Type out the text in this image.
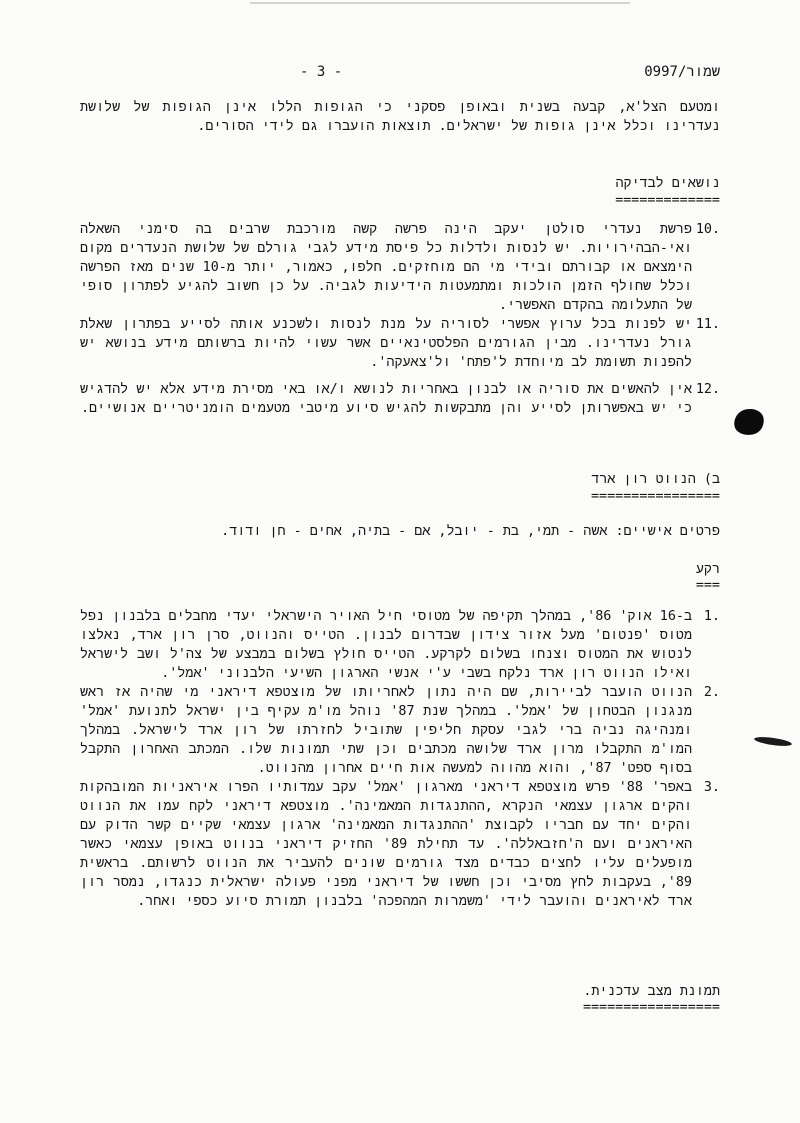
- 3 -	0997/שמור
ומטעם הצל'א, קבעה בשנית ובאופן פסקני כי הגופות הללו אינן הגופות של שלושת נעדרינו וכלל אינן גופות של ישראלים. תוצאות הועברו גם לידי הסורים.
נושאים לבדיקה
=============
10.
פרשת נעדרי סולטן יעקב הינה פרשה קשה מורכבת שרבים בה סימני השאלה ואי-הבהירויות. יש לנסות ולדלות כל פיסת מידע לגבי גורלם של שלושת הנעדרים מקום הימצאם או קבורתם ובידי מי הם מוחזקים. חלפו, כאמור, יותר מ-10 שנים מאז הפרשה וכלל שחולף הזמן הולכות ומתמעטות הידיעות לגביה. על כן חשוב להגיע לפתרון סופי של התעלומה בהקדם האפשרי.
11.
יש לפנות בכל ערוץ אפשרי לסוריה על מנת לנסות ולשכנע אותה לסייע בפתרון שאלת גורל נעדרינו. מבין הגורמים הפלסטינאיים אשר עשוי להיות ברשותם מידע בנושא יש להפנות תשומת לב מיוחדת ל'פתח' ול'צאעקה'.
12.
אין להאשים את סוריה או לבנון באחריות לנושא ו/או באי מסירת מידע אלא יש להדגיש כי יש באפשרותן לסייע והן מתבקשות להגיש סיוע מיטבי מטעמים הומניטריים אנושיים.
ב) הנווט רון ארד
================
פרטים אישיים: אשה - תמי, בת - יובל, אם - בתיה, אחים - חן ודוד.
רקע
===
1.
ב-16 אוק' 86', במהלך תקיפה של מטוסי חיל האויר הישראלי יעדי מחבלים בלבנון נפל מטוס 'פנטום' מעל אזור צידון שבדרום לבנון. הטייס והנווט, סרן רון ארד, נאלצו לנטוש את המטוס וצנחו בשלום לקרקע. הטייס חולץ בשלום במבצע של צה'ל ושב לישראל ואילו הנווט רון ארד נלקח בשבי ע'י אנשי הארגון השיעי הלבנוני 'אמל'.
2.
הנווט הועבר לביירות, שם היה נתון לאחריותו של מוצטפא דיראני מי שהיה אז ראש מנגנון הבטחון של 'אמל'. במהלך שנת 87' נוהל מו'מ עקיף בין ישראל לתנועת 'אמל' ומנהיגה נביה ברי לגבי עסקת חליפין שתוביל לחזרתו של רון ארד לישראל. במהלך המו'מ התקבלו מרון ארד שלושה מכתבים וכן שתי תמונות שלו. המכתב האחרון התקבל בסוף ספט' 87', והוא מהווה למעשה אות חיים אחרון מהנווט.
3.
באפר' 88' פרש מוצטפא דיראני מארגון 'אמל' עקב עמדותיו הפרו איראניות המובהקות והקים ארגון עצמאי הנקרא ,ההתנגדות המאמינה'. מוצטפא דיראני לקח עמו את הנווט והקים יחד עם חבריו לקבוצת 'ההתנגדות המאמינה' ארגון עצמאי שקיים קשר הדוק עם האיראנים ועם ה'חזבאללה'. עד תחילת 89' החזיק דיראני בנווט באופן עצמאי כאשר מופעלים עליו לחצים כבדים מצד גורמים שונים להעביר את הנווט לרשותם. בראשית 89', בעקבות לחץ מסיבי וכן חששו של דיראני מפני פעולה ישראלית כנגדו, נמסר רון ארד לאיראנים והועבר לידי 'משמרות המהפכה' בלבנון תמורת סיוע כספי ואחר.
תמונת מצב עדכנית.
=================
